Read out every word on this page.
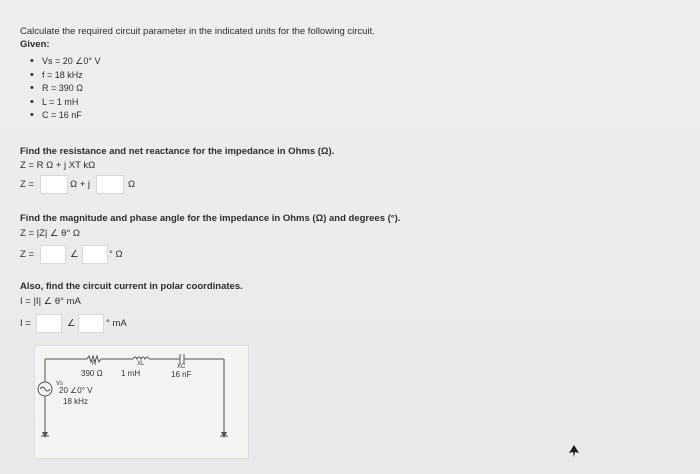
Calculate the required circuit parameter in the indicated units for the following circuit.
Given:
• Vs = 20 ∠0° V
• f = 18 kHz
• R = 390 Ω
• L = 1 mH
• C = 16 nF
Find the resistance and net reactance for the impedance in Ohms (Ω).
Z = R Ω + j XT kΩ
Z =	Ω + j	Ω
Find the magnitude and phase angle for the impedance in Ohms (Ω) and degrees (°).
Z = |Z| ∠ θ° Ω
Z =	∠	° Ω
Also, find the circuit current in polar coordinates.
I = |I| ∠ θ° mA
I =	∠	° mA
R
390 Ω
XL
1 mH
XC
16 nF
Vs
20 ∠0° V
18 kHz
